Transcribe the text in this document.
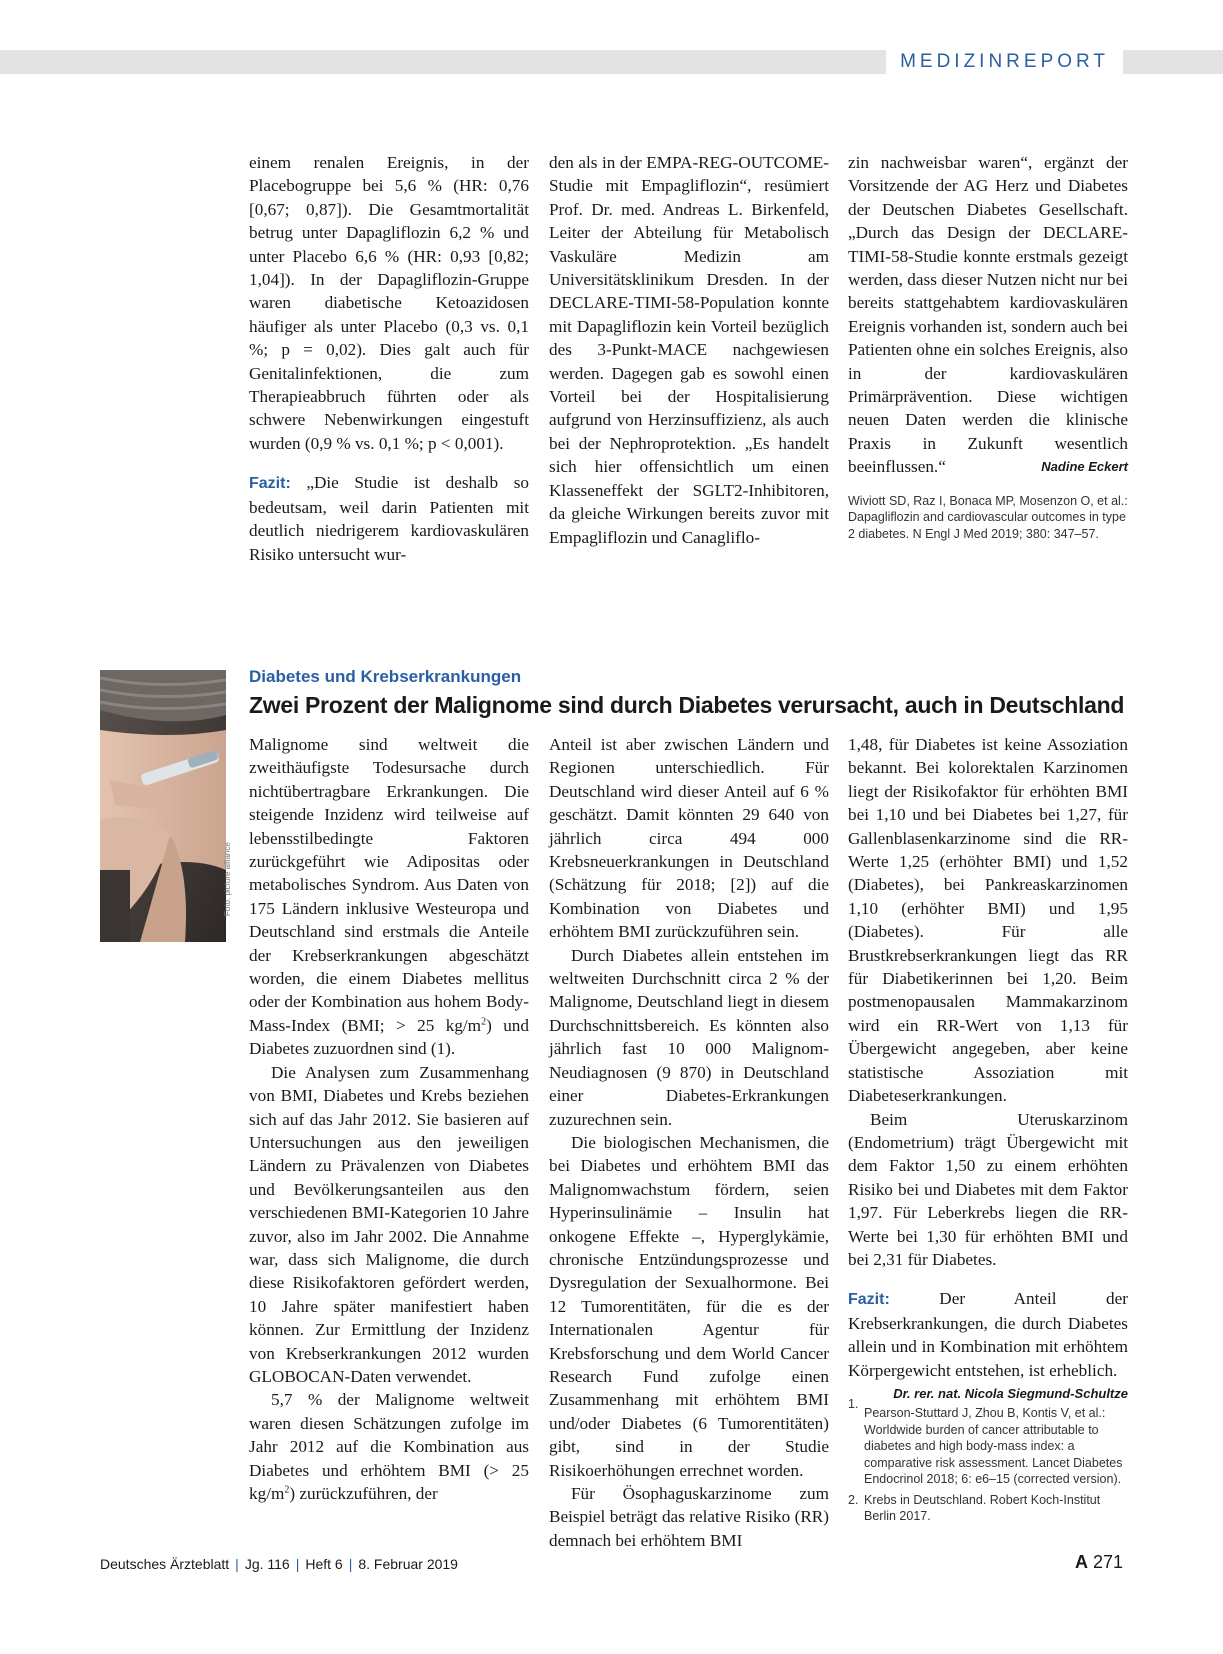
MEDIZINREPORT

einem renalen Ereignis, in der Placebogruppe bei 5,6 % (HR: 0,76 [0,67; 0,87]). Die Gesamtmortalität betrug unter Dapagliflozin 6,2 % und unter Placebo 6,6 % (HR: 0,93 [0,82; 1,04]). In der Dapagliflozin-Gruppe waren diabetische Ketoazidosen häufiger als unter Placebo (0,3 vs. 0,1 %; p = 0,02). Dies galt auch für Genitalinfektionen, die zum Therapieabbruch führten oder als schwere Nebenwirkungen eingestuft wurden (0,9 % vs. 0,1 %; p < 0,001).

Fazit: „Die Studie ist deshalb so bedeutsam, weil darin Patienten mit deutlich niedrigerem kardiovaskulären Risiko untersucht wur-

den als in der EMPA-REG-OUTCOME-Studie mit Empagliflozin“, resümiert Prof. Dr. med. Andreas L. Birkenfeld, Leiter der Abteilung für Metabolisch Vaskuläre Medizin am Universitätsklinikum Dresden. In der DECLARE-TIMI-58-Population konnte mit Dapagliflozin kein Vorteil bezüglich des 3-Punkt-MACE nachgewiesen werden. Dagegen gab es sowohl einen Vorteil bei der Hospitalisierung aufgrund von Herzinsuffizienz, als auch bei der Nephroprotektion. „Es handelt sich hier offensichtlich um einen Klasseneffekt der SGLT2-Inhibitoren, da gleiche Wirkungen bereits zuvor mit Empagliflozin und Canagliflo-

zin nachweisbar waren“, ergänzt der Vorsitzende der AG Herz und Diabetes der Deutschen Diabetes Gesellschaft. „Durch das Design der DECLARE-TIMI-58-Studie konnte erstmals gezeigt werden, dass dieser Nutzen nicht nur bei bereits stattgehabtem kardiovaskulären Ereignis vorhanden ist, sondern auch bei Patienten ohne ein solches Ereignis, also in der kardiovaskulären Primärprävention. Diese wichtigen neuen Daten werden die klinische Praxis in Zukunft wesentlich beeinflussen.“	Nadine Eckert

Wiviott SD, Raz I, Bonaca MP, Mosenzon O, et al.: Dapagliflozin and cardiovascular outcomes in type 2 diabetes. N Engl J Med 2019; 380: 347–57.
Foto: picture alliance
Diabetes und Krebserkrankungen
Zwei Prozent der Malignome sind durch Diabetes verursacht, auch in Deutschland

Malignome sind weltweit die zweithäufigste Todesursache durch nichtübertragbare Erkrankungen. Die steigende Inzidenz wird teilweise auf lebensstilbedingte Faktoren zurückgeführt wie Adipositas oder metabolisches Syndrom. Aus Daten von 175 Ländern inklusive Westeuropa und Deutschland sind erstmals die Anteile der Krebserkrankungen abgeschätzt worden, die einem Diabetes mellitus oder der Kombination aus hohem Body-Mass-Index (BMI; > 25 $kg/m^2$) und Diabetes zuzuordnen sind (1).

Die Analysen zum Zusammenhang von BMI, Diabetes und Krebs beziehen sich auf das Jahr 2012. Sie basieren auf Untersuchungen aus den jeweiligen Ländern zu Prävalenzen von Diabetes und Bevölkerungsanteilen aus den verschiedenen BMI-Kategorien 10 Jahre zuvor, also im Jahr 2002. Die Annahme war, dass sich Malignome, die durch diese Risikofaktoren gefördert werden, 10 Jahre später manifestiert haben können. Zur Ermittlung der Inzidenz von Krebserkrankungen 2012 wurden GLOBOCAN-Daten verwendet.

5,7 % der Malignome weltweit waren diesen Schätzungen zufolge im Jahr 2012 auf die Kombination aus Diabetes und erhöhtem BMI (> 25 $kg/m^2$) zurückzuführen, der

Anteil ist aber zwischen Ländern und Regionen unterschiedlich. Für Deutschland wird dieser Anteil auf 6 % geschätzt. Damit könnten 29 640 von jährlich circa 494 000 Krebsneuerkrankungen in Deutschland (Schätzung für 2018; [2]) auf die Kombination von Diabetes und erhöhtem BMI zurückzuführen sein.

Durch Diabetes allein entstehen im weltweiten Durchschnitt circa 2 % der Malignome, Deutschland liegt in diesem Durchschnittsbereich. Es könnten also jährlich fast 10 000 Malignom-Neudiagnosen (9 870) in Deutschland einer Diabetes-Erkrankungen zuzurechnen sein.

Die biologischen Mechanismen, die bei Diabetes und erhöhtem BMI das Malignomwachstum fördern, seien Hyperinsulinämie – Insulin hat onkogene Effekte –, Hyperglykämie, chronische Entzündungsprozesse und Dysregulation der Sexualhormone. Bei 12 Tumorentitäten, für die es der Internationalen Agentur für Krebsforschung und dem World Cancer Research Fund zufolge einen Zusammenhang mit erhöhtem BMI und/oder Diabetes (6 Tumorentitäten) gibt, sind in der Studie Risikoerhöhungen errechnet worden.

Für Ösophaguskarzinome zum Beispiel beträgt das relative Risiko (RR) demnach bei erhöhtem BMI

1,48, für Diabetes ist keine Assoziation bekannt. Bei kolorektalen Karzinomen liegt der Risikofaktor für erhöhten BMI bei 1,10 und bei Diabetes bei 1,27, für Gallenblasenkarzinome sind die RR-Werte 1,25 (erhöhter BMI) und 1,52 (Diabetes), bei Pankreaskarzinomen 1,10 (erhöhter BMI) und 1,95 (Diabetes). Für alle Brustkrebserkrankungen liegt das RR für Diabetikerinnen bei 1,20. Beim postmenopausalen Mammakarzinom wird ein RR-Wert von 1,13 für Übergewicht angegeben, aber keine statistische Assoziation mit Diabeteserkrankungen.

Beim Uteruskarzinom (Endometrium) trägt Übergewicht mit dem Faktor 1,50 zu einem erhöhten Risiko bei und Diabetes mit dem Faktor 1,97. Für Leberkrebs liegen die RR-Werte bei 1,30 für erhöhten BMI und bei 2,31 für Diabetes.

Fazit:	Der Anteil der Krebserkrankungen, die durch Diabetes allein und in Kombination mit erhöhtem Körpergewicht entstehen, ist erheblich.
Dr. rer. nat. Nicola Siegmund-Schultze

1.
Pearson-Stuttard J, Zhou B, Kontis V, et al.: Worldwide burden of cancer attributable to diabetes and high body-mass index: a comparative risk assessment. Lancet Diabetes Endocrinol 2018; 6: e6–15 (corrected version).
2. Krebs in Deutschland. Robert Koch-Institut Berlin 2017.
Deutsches Ärzteblatt | Jg. 116 | Heft 6 | 8. Februar 2019	A 271
